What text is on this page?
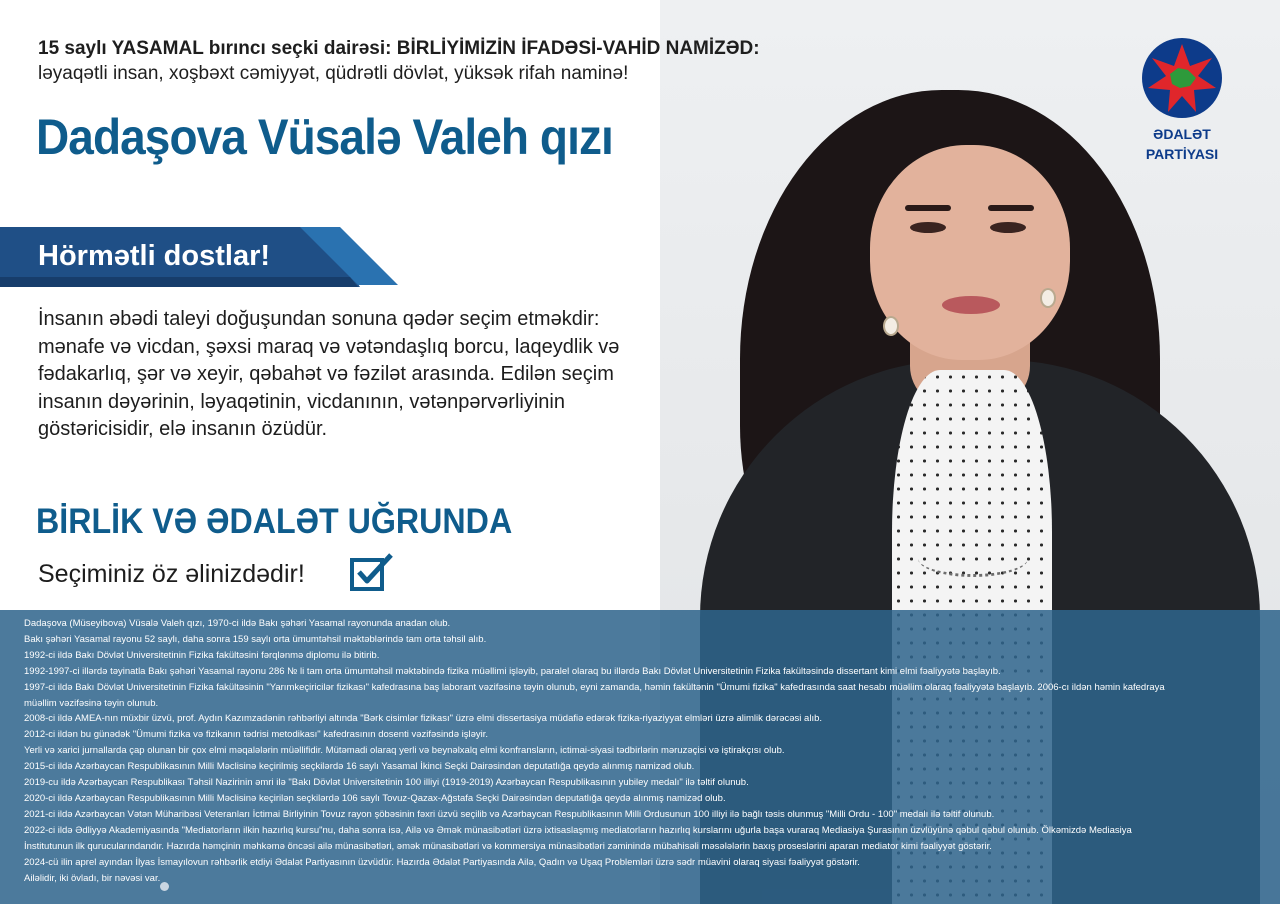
ƏDALƏT
PARTİYASI
15 saylı YASAMAL bırıncı seçki dairəsi: BİRLİYİMİZİN İFADƏSİ-VAHİD NAMİZƏD:
ləyaqətli insan, xoşbəxt cəmiyyət, qüdrətli dövlət, yüksək rifah naminə!
Dadaşova Vüsalə Valeh qızı
Hörmətli dostlar!
İnsanın əbədi taleyi doğuşundan sonuna qədər seçim etməkdir:
mənafe və vicdan, şəxsi maraq və vətəndaşlıq borcu, laqeydlik və
fədakarlıq, şər və xeyir, qəbahət və fəzilət arasında. Edilən seçim
insanın dəyərinin, ləyaqətinin, vicdanının, vətənpərvərliyinin
göstəricisidir, elə insanın özüdür.
BİRLİK VƏ ƏDALƏT UĞRUNDA
Seçiminiz öz əlinizdədir!
Dadaşova (Müseyibova) Vüsalə Valeh qızı, 1970-ci ildə Bakı şəhəri Yasamal rayonunda anadan olub.
Bakı şəhəri Yasamal rayonu 52 saylı, daha sonra 159 saylı orta ümumtəhsil məktəblərində tam orta təhsil alıb.
1992-ci ildə Bakı Dövlət Universitetinin Fizika fakültəsini fərqlənmə diplomu ilə bitirib.
1992-1997-ci illərdə təyinatla Bakı şəhəri Yasamal rayonu 286 № li tam orta ümumtəhsil məktəbində fizika müəllimi işləyib, paralel olaraq bu illərdə Bakı Dövlət Universitetinin Fizika fakültəsində dissertant kimi elmi fəaliyyətə başlayıb.
1997-ci ildə Bakı Dövlət Universitetinin Fizika fakültəsinin "Yarımkeçiricilər fizikası" kafedrasına baş laborant vəzifəsinə təyin olunub, eyni zamanda, həmin fakültənin "Ümumi fizika" kafedrasında saat hesabı müəllim olaraq fəaliyyətə başlayıb. 2006-cı ildən həmin kafedraya
müəllim vəzifəsinə təyin olunub.
2008-ci ildə AMEA-nın müxbir üzvü, prof. Aydın Kazımzadənin rəhbərliyi altında "Bərk cisimlər fizikası" üzrə elmi dissertasiya müdafiə edərək fizika-riyaziyyat elmləri üzrə alimlik dərəcəsi alıb.
2012-ci ildən bu günədək "Ümumi fizika və fizikanın tədrisi metodikası" kafedrasının dosenti vəzifəsində işləyir.
Yerli və xarici jurnallarda çap olunan bir çox elmi məqalələrin müəllifidir. Mütəmadi olaraq yerli və beynəlxalq elmi konfransların, ictimai-siyasi tədbirlərin məruzəçisi və iştirakçısı olub.
2015-ci ildə Azərbaycan Respublikasının Milli Məclisinə keçirilmiş seçkilərdə 16 saylı Yasamal İkinci Seçki Dairəsindən deputatlığa qeydə alınmış namizəd olub.
2019-cu ildə Azərbaycan Respublikası Təhsil Nazirinin əmri ilə "Bakı Dövlət Universitetinin 100 illiyi (1919-2019) Azərbaycan Respublikasının yubiley medalı" ilə təltif olunub.
2020-ci ildə Azərbaycan Respublikasının Milli Məclisinə keçirilən seçkilərdə 106 saylı Tovuz-Qazax-Ağstafa Seçki Dairəsindən deputatlığa qeydə alınmış namizəd olub.
2021-ci ildə Azərbaycan Vətən Müharibəsi Veteranları İctimai Birliyinin Tovuz rayon şöbəsinin fəxri üzvü seçilib və Azərbaycan Respublikasının Milli Ordusunun 100 illiyi ilə bağlı təsis olunmuş "Milli Ordu - 100" medalı ilə təltif olunub.
2022-ci ildə Ədliyyə Akademiyasında "Mediatorların ilkin hazırlıq kursu"nu, daha sonra isə, Ailə və Əmək münasibətləri üzrə ixtisaslaşmış mediatorların hazırlıq kurslarını uğurla başa vuraraq Mediasiya Şurasının üzvlüyünə qəbul qəbul olunub. Ölkəmizdə Mediasiya
İnstitutunun ilk qurucularındandır. Hazırda həmçinin məhkəmə öncəsi ailə münasibətləri, əmək münasibətləri və kommersiya münasibətləri zəminində mübahisəli məsələlərin baxış prosеslərini aparan mediator kimi fəaliyyət göstərir.
2024-cü ilin aprel ayından İlyas İsmayılovun rəhbərlik etdiyi Ədalət Partiyasının üzvüdür. Hazırda Ədalət Partiyasında Ailə, Qadın və Uşaq Problemləri üzrə sədr müavini olaraq siyasi fəaliyyət göstərir.
Ailəlidir, iki övladı, bir nəvəsi var.
